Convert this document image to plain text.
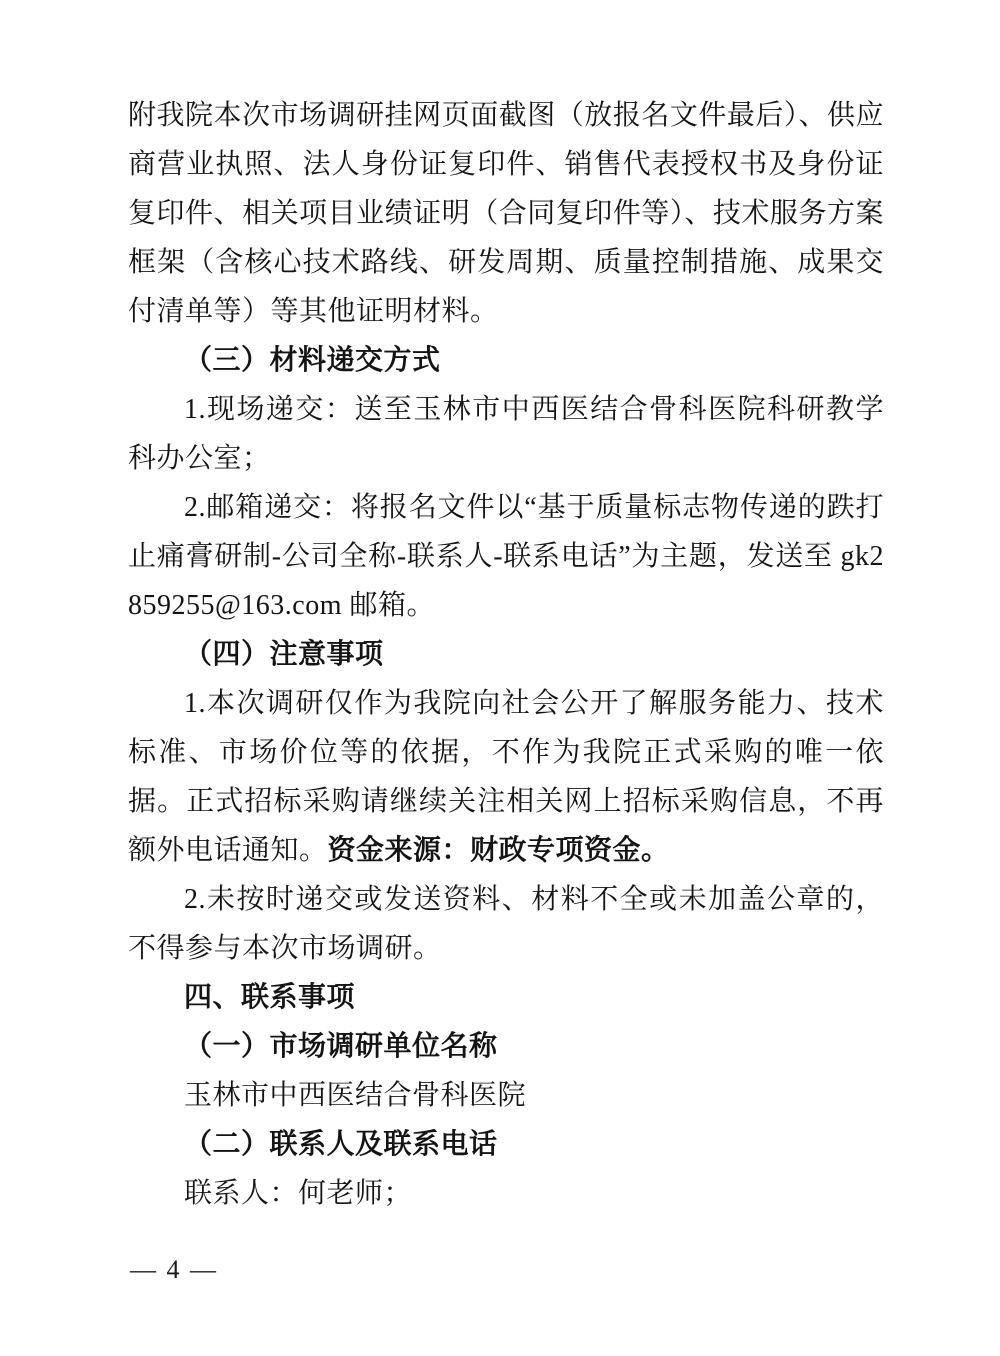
附我院本次市场调研挂网页面截图（放报名文件最后）、供应商营业执照、法人身份证复印件、销售代表授权书及身份证复印件、相关项目业绩证明（合同复印件等）、技术服务方案框架（含核心技术路线、研发周期、质量控制措施、成果交付清单等）等其他证明材料。

（三）材料递交方式

1.现场递交：送至玉林市中西医结合骨科医院科研教学科办公室；

2.邮箱递交：将报名文件以“基于质量标志物传递的跌打止痛膏研制-公司全称-联系人-联系电话”为主题，发送至 gk2859255@163.com 邮箱。

（四）注意事项

1.本次调研仅作为我院向社会公开了解服务能力、技术标准、市场价位等的依据，不作为我院正式采购的唯一依据。正式招标采购请继续关注相关网上招标采购信息，不再额外电话通知。资金来源：财政专项资金。

2.未按时递交或发送资料、材料不全或未加盖公章的，不得参与本次市场调研。

四、联系事项

（一）市场调研单位名称

玉林市中西医结合骨科医院

（二）联系人及联系电话

联系人：何老师；

— 4 —
